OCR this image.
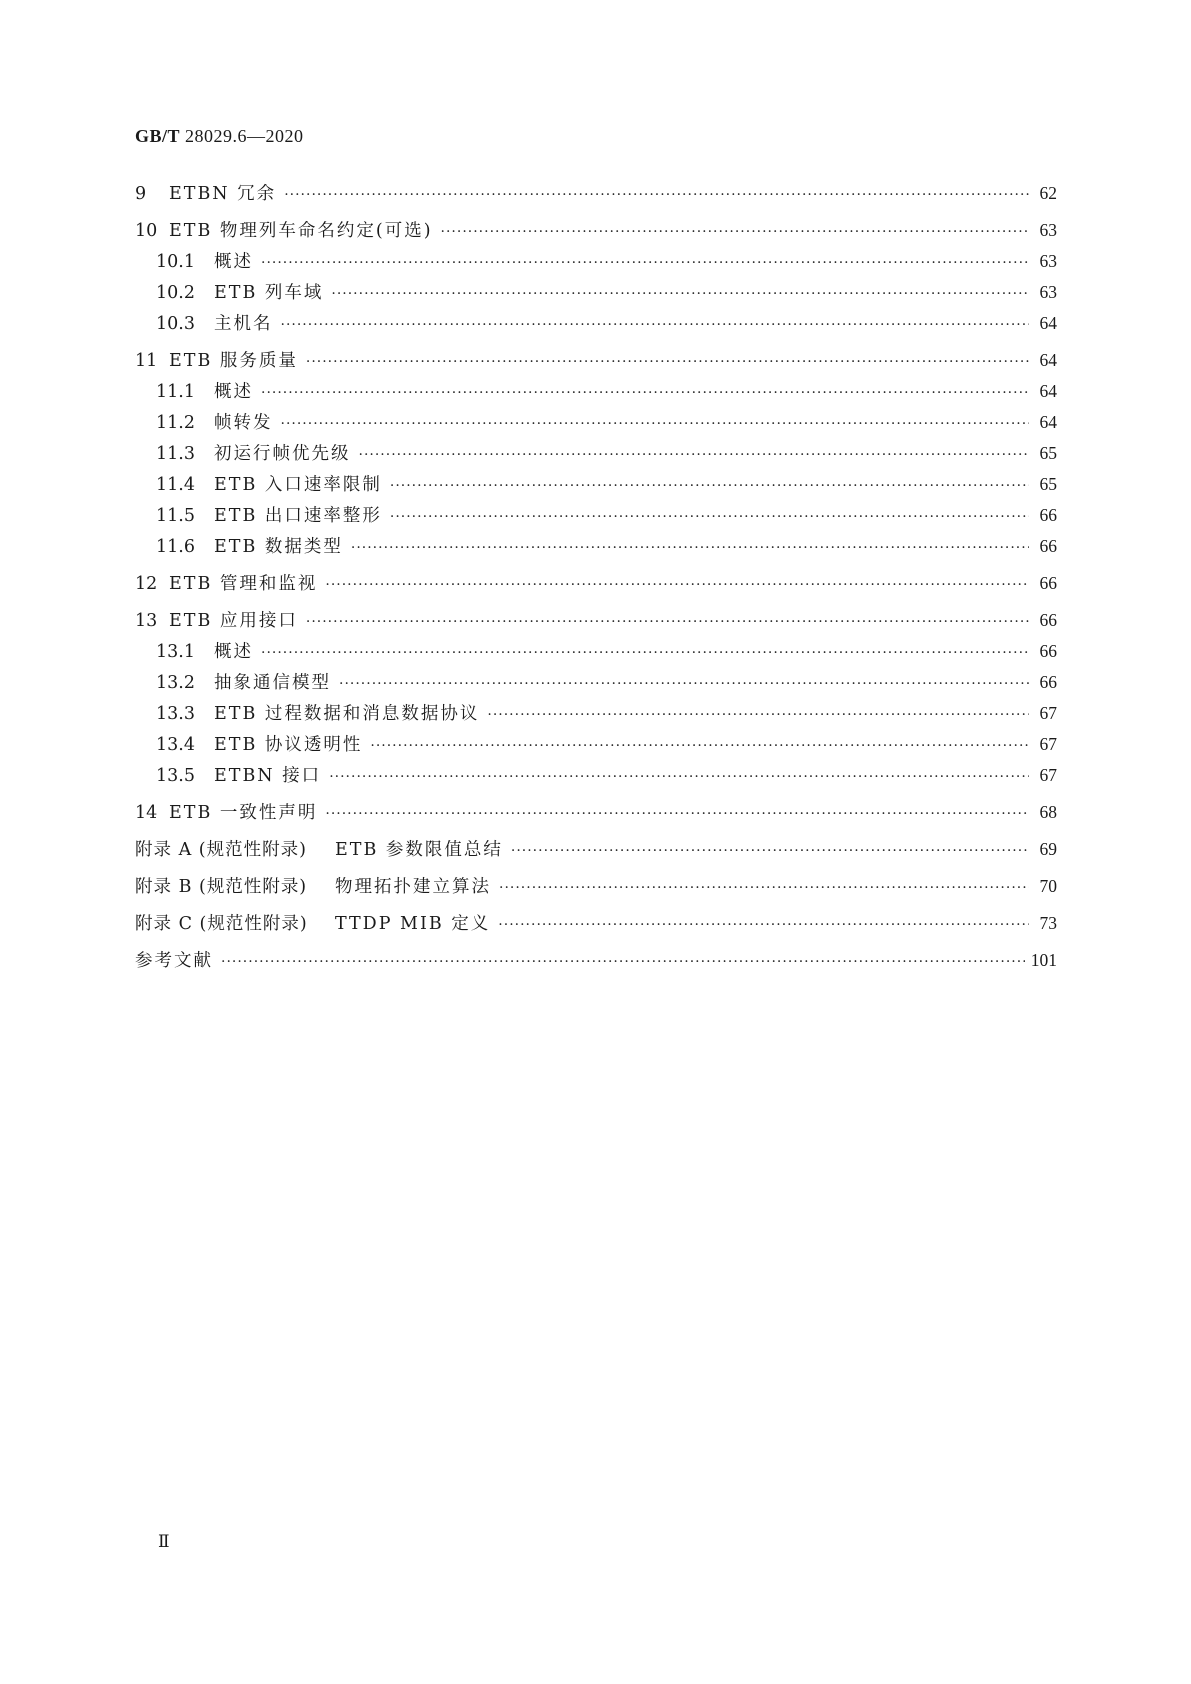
GB/T 28029.6—2020
9	ETBN 冗余 ·····	62
10 ETB 物理列车命名约定(可选) ·····	63
10.1	概述 ·····	63
10.2	ETB 列车域 ·····	63
10.3	主机名 ·····	64
11 ETB 服务质量 ·····	64
11.1	概述 ·····	64
11.2	帧转发 ·····	64
11.3	初运行帧优先级 ·····	65
11.4	ETB 入口速率限制 ·····	65
11.5	ETB 出口速率整形 ·····	66
11.6	ETB 数据类型 ·····	66
12 ETB 管理和监视 ·····	66
13 ETB 应用接口 ·····	66
13.1	概述 ·····	66
13.2	抽象通信模型 ·····	66
13.3	ETB 过程数据和消息数据协议 ·····	67
13.4	ETB 协议透明性 ·····	67
13.5	ETBN 接口 ·····	67
14 ETB 一致性声明 ·····	68
附录 A (规范性附录)	ETB 参数限值总结 ·····	69
附录 B (规范性附录)	物理拓扑建立算法 ·····	70
附录 C (规范性附录)	TTDP MIB 定义 ·····	73
参考文献 ·····	101
Ⅱ
